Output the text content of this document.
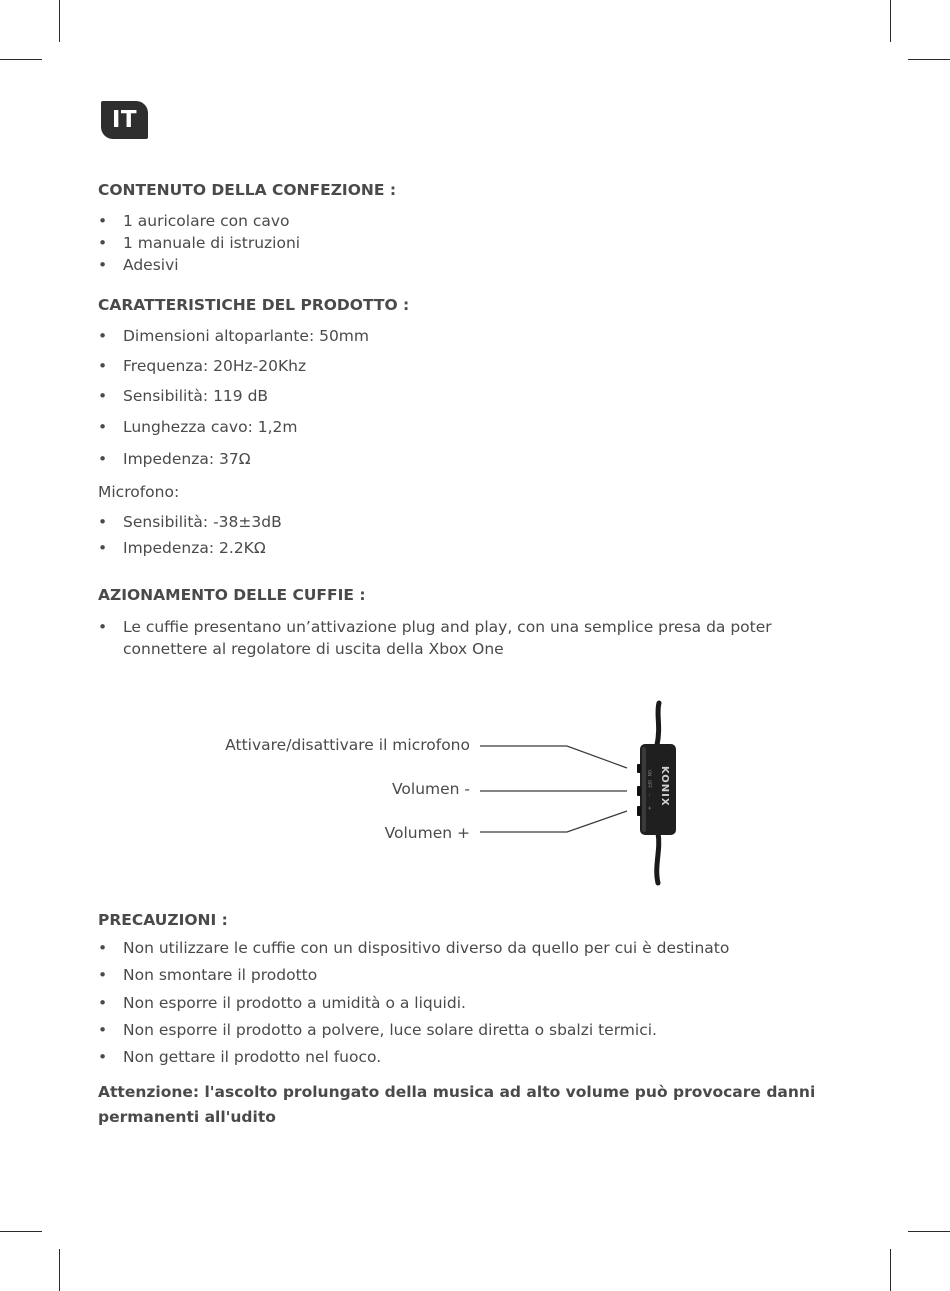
IT
CONTENUTO DELLA CONFEZIONE :
• 1 auricolare con cavo
• 1 manuale di istruzioni
• Adesivi
CARATTERISTICHE DEL PRODOTTO :
• Dimensioni altoparlante: 50mm
• Frequenza: 20Hz-20Khz
• Sensibilità: 119 dB
• Lunghezza cavo: 1,2m
• Impedenza: 37Ω
Microfono:
• Sensibilità: -38±3dB
• Impedenza: 2.2KΩ
AZIONAMENTO DELLE CUFFIE :
•	Le cuffie presentano un’attivazione plug and play, con una semplice presa da poter connettere al regolatore di uscita della Xbox One
Attivare/disattivare il microfono
Volumen -
Volumen +
ON
OFF
-
+
KONIX
PRECAUZIONI :
• Non utilizzare le cuffie con un dispositivo diverso da quello per cui è destinato
• Non smontare il prodotto
• Non esporre il prodotto a umidità o a liquidi.
• Non esporre il prodotto a polvere, luce solare diretta o sbalzi termici.
• Non gettare il prodotto nel fuoco.
Attenzione: l'ascolto prolungato della musica ad alto volume può provocare danni permanenti all'udito
